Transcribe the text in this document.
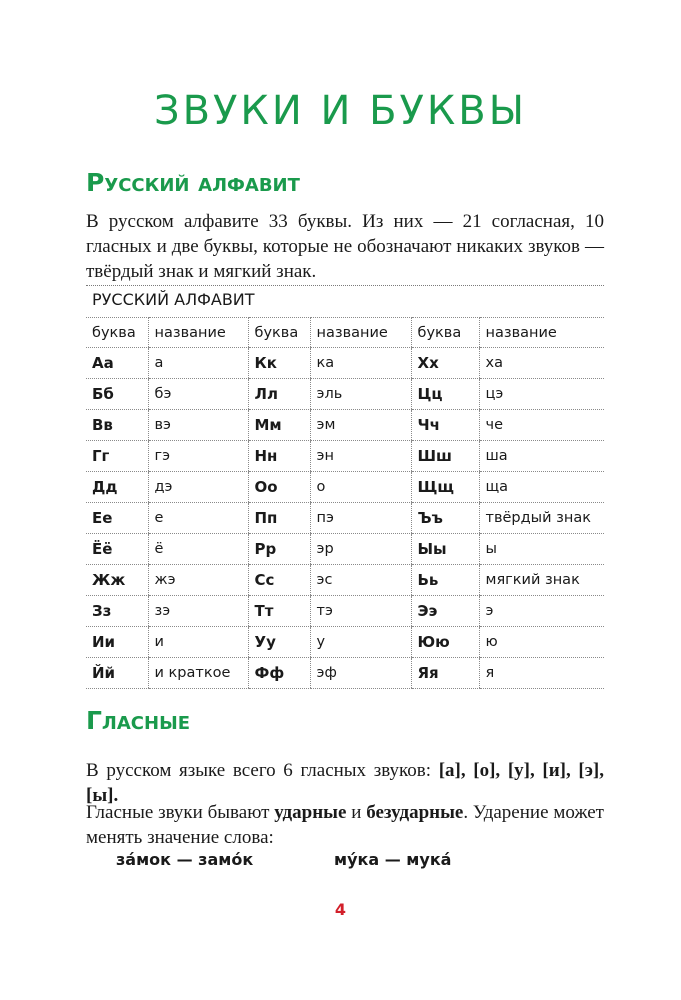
ЗВУКИ И БУКВЫ
Русский алфавит

В русском алфавите 33 буквы. Из них — 21 согласная, 10 гласных и две буквы, которые не обозначают никаких звуков — твёрдый знак и мягкий знак.

РУССКИЙ АЛФАВИТ
буква	название	буква	название	буква	название
Аа	а	Кк	ка	Хх	ха
Бб	бэ	Лл	эль	Цц	цэ
Вв	вэ	Мм	эм	Чч	че
Гг	гэ	Нн	эн	Шш	ша
Дд	дэ	Оо	о	Щщ	ща
Ее	е	Пп	пэ	Ъъ	твёрдый знак
Ёё	ё	Рр	эр	Ыы	ы
Жж	жэ	Сс	эс	Ьь	мягкий знак
Зз	зэ	Тт	тэ	Ээ	э
Ии	и	Уу	у	Юю	ю
Йй	и краткое	Фф	эф	Яя	я
Гласные

В русском языке всего 6 гласных звуков: [а], [о], [у], [и], [э], [ы].

Гласные звуки бывают ударные и безударные. Ударение может менять значение слова:

за́мок — замо́к	му́ка — мука́
4
